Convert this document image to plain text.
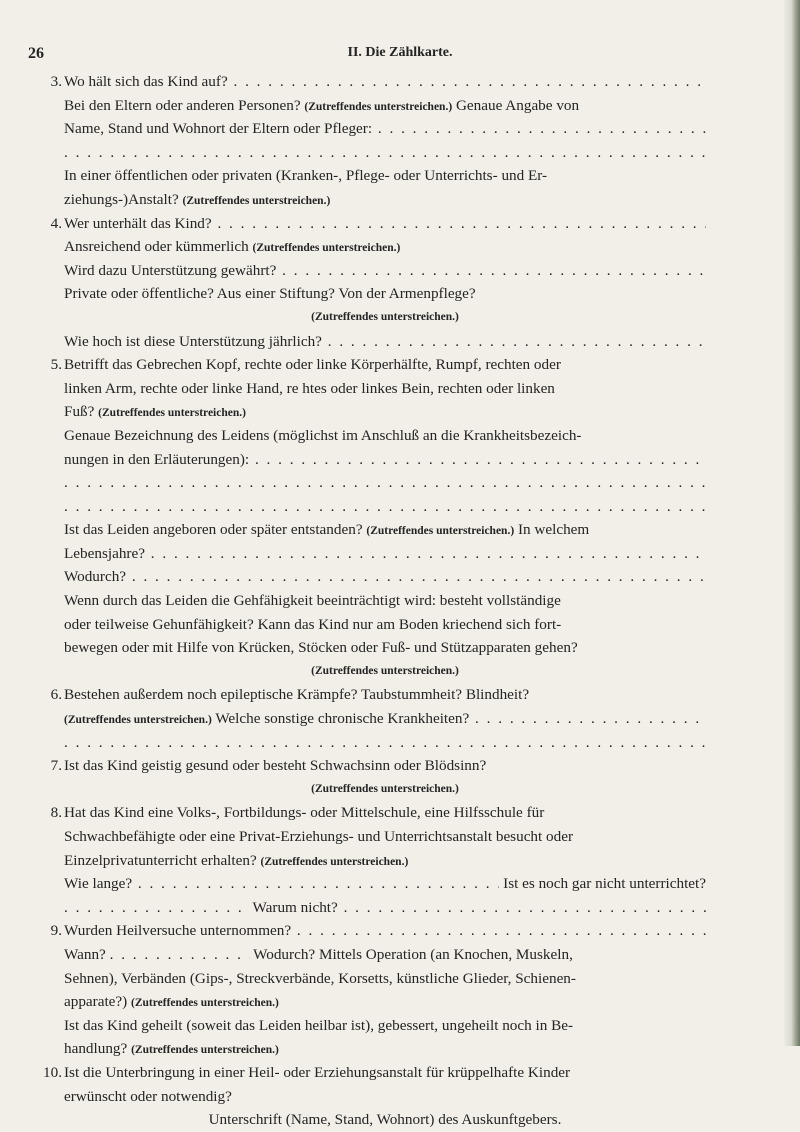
26	II. Die Zählkarte.
3. Wo hält sich das Kind auf? . . .
Bei den Eltern oder anderen Personen? (Zutreffendes unterstreichen.) Genaue Angabe von
Name, Stand und Wohnort der Eltern oder Pfleger: . . .
. . .
In einer öffentlichen oder privaten (Kranken-, Pflege- oder Unterrichts- und Er-
ziehungs-)Anstalt? (Zutreffendes unterstreichen.)
4. Wer unterhält das Kind? . . .
Ansreichend oder kümmerlich (Zutreffendes unterstreichen.)
Wird dazu Unterstützung gewährt? . . .
Private oder öffentliche? Aus einer Stiftung? Von der Armenpflege?
(Zutreffendes unterstreichen.)
Wie hoch ist diese Unterstützung jährlich? . . .
5. Betrifft das Gebrechen Kopf, rechte oder linke Körperhälfte, Rumpf, rechten oder
linken Arm, rechte oder linke Hand, re htes oder linkes Bein, rechten oder linken
Fuß? (Zutreffendes unterstreichen.)
Genaue Bezeichnung des Leidens (möglichst im Anschluß an die Krankheitsbezeich-
nungen in den Erläuterungen): . . .
. . .
. . .
Ist das Leiden angeboren oder später entstanden? (Zutreffendes unterstreichen.) In welchem
Lebensjahre? . . .
Wodurch? . . .
Wenn durch das Leiden die Gehfähigkeit beeinträchtigt wird: besteht vollständige
oder teilweise Gehunfähigkeit? Kann das Kind nur am Boden kriechend sich fort-
bewegen oder mit Hilfe von Krücken, Stöcken oder Fuß- und Stützapparaten gehen?
(Zutreffendes unterstreichen.)
6. Bestehen außerdem noch epileptische Krämpfe? Taubstummheit? Blindheit?
(Zutreffendes unterstreichen.) Welche sonstige chronische Krankheiten? . . .
. . .
7. Ist das Kind geistig gesund oder besteht Schwachsinn oder Blödsinn?
(Zutreffendes unterstreichen.)
8. Hat das Kind eine Volks-, Fortbildungs- oder Mittelschule, eine Hilfsschule für
Schwachbefähigte oder eine Privat-Erziehungs- und Unterrichtsanstalt besucht oder
Einzelprivatunterricht erhalten? (Zutreffendes unterstreichen.)
Wie lange? . . .	Ist es noch gar nicht unterrichtet?
. . . Warum nicht? . . .
9. Wurden Heilversuche unternommen? . . .
Wann? . . .	Wodurch? Mittels Operation (an Knochen, Muskeln,
Sehnen), Verbänden (Gips-, Streckverbände, Korsetts, künstliche Glieder, Schienen-
apparate?) (Zutreffendes unterstreichen.)
Ist das Kind geheilt (soweit das Leiden heilbar ist), gebessert, ungeheilt noch in Be-
handlung? (Zutreffendes unterstreichen.)
10. Ist die Unterbringung in einer Heil- oder Erziehungsanstalt für krüppelhafte Kinder
erwünscht oder notwendig?
Unterschrift (Name, Stand, Wohnort) des Auskunftgebers.
